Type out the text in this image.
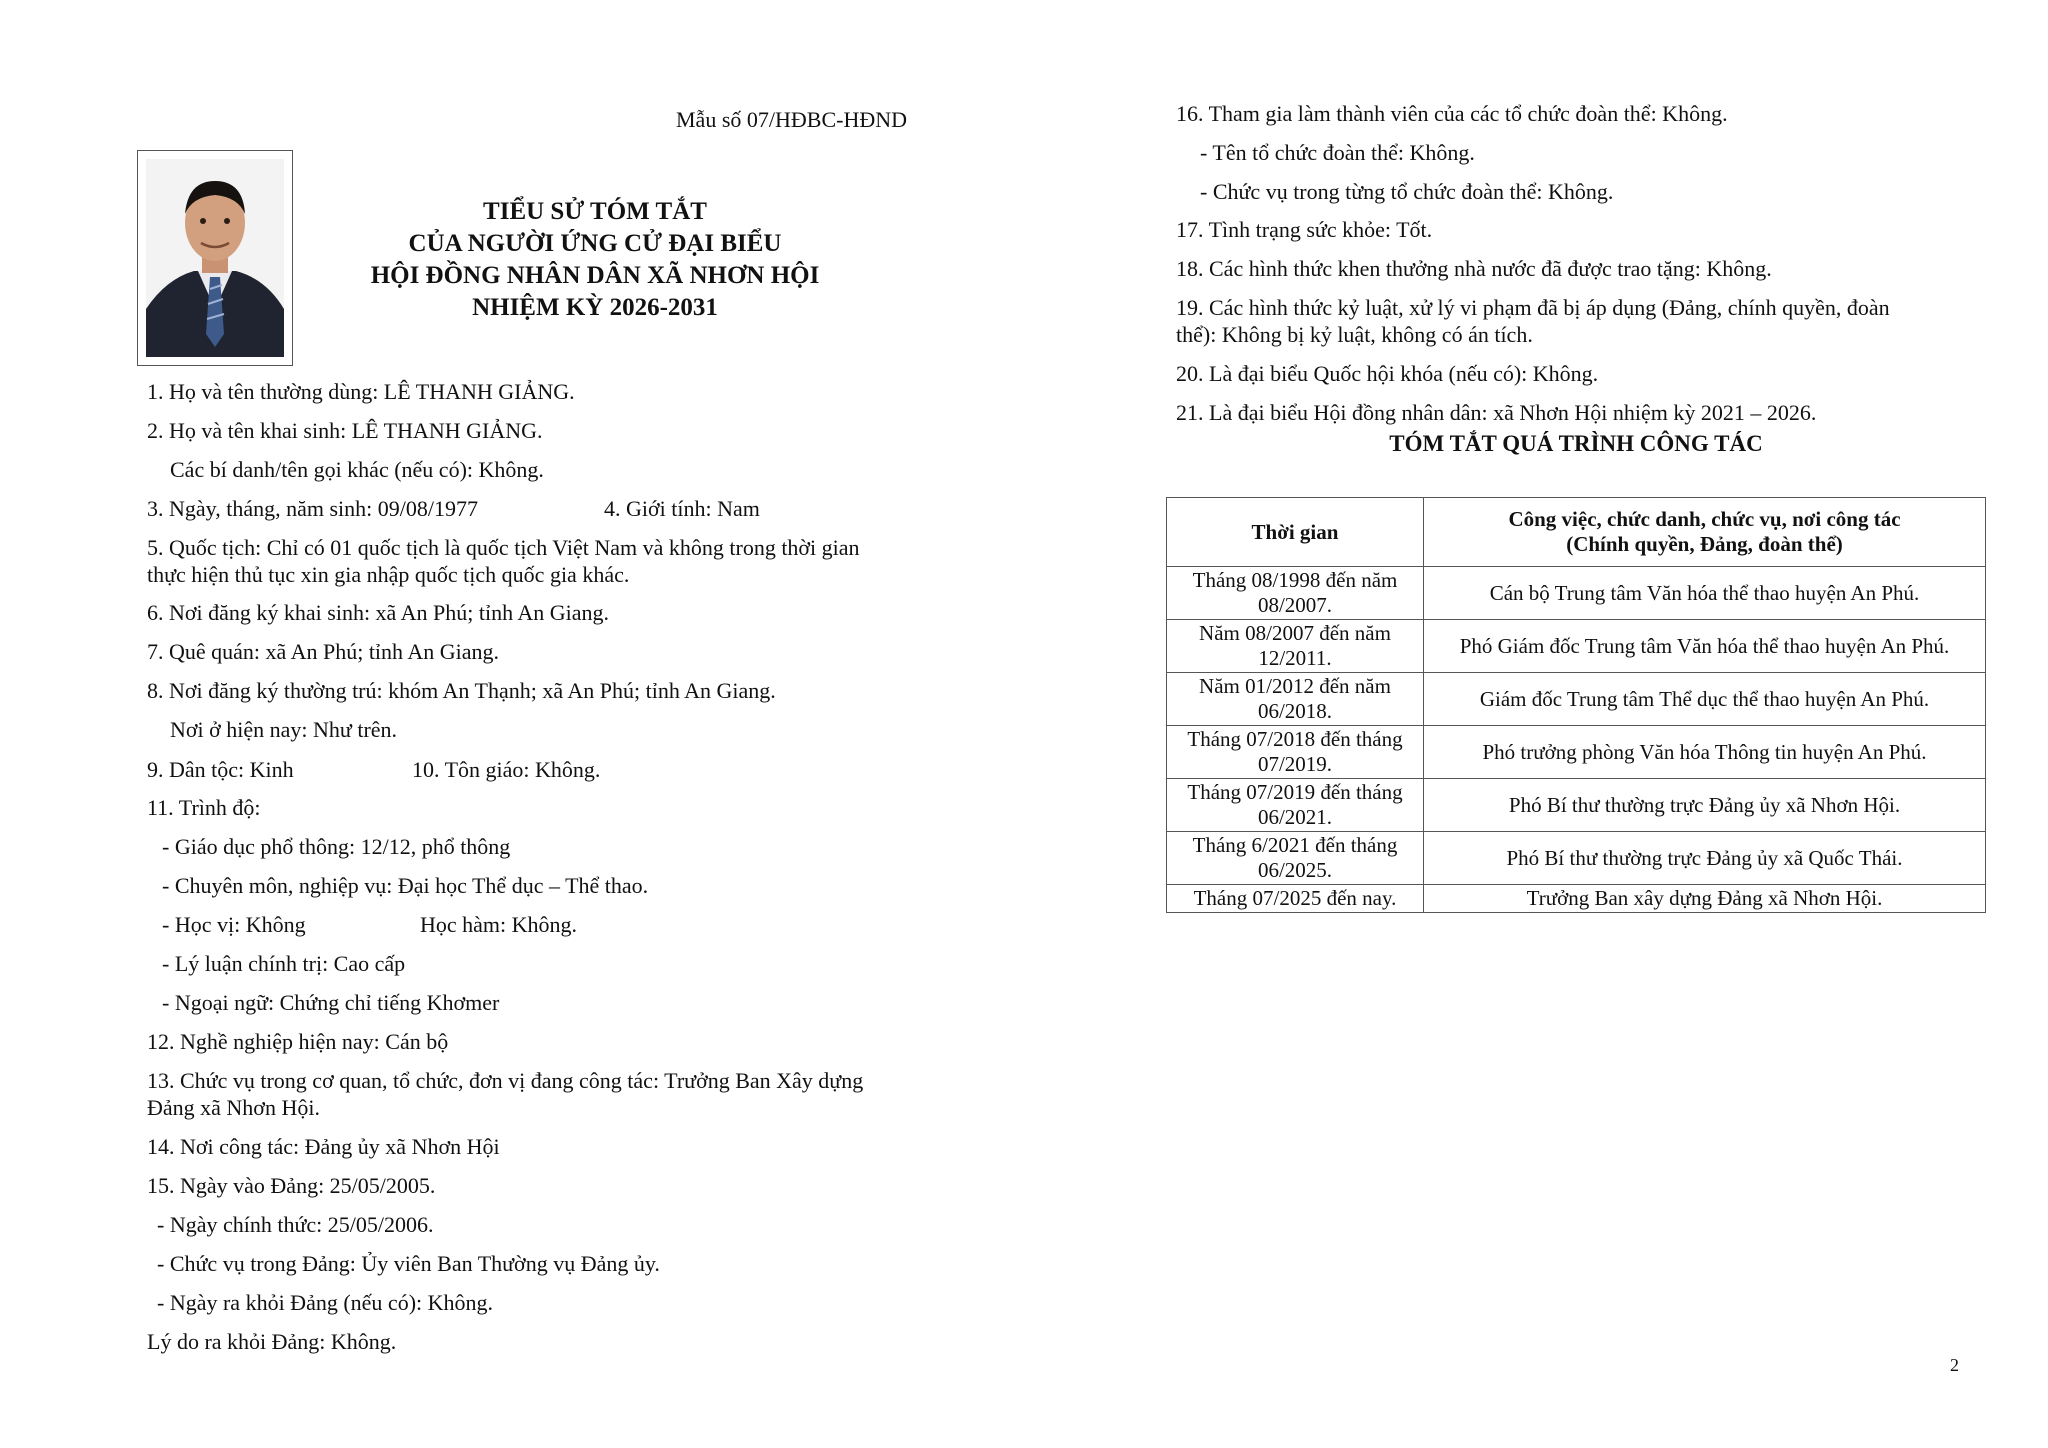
Mẫu số 07/HĐBC-HĐND
TIỂU SỬ TÓM TẮT
CỦA NGƯỜI ỨNG CỬ ĐẠI BIỂU
HỘI ĐỒNG NHÂN DÂN XÃ NHƠN HỘI
NHIỆM KỲ 2026-2031
1. Họ và tên thường dùng: LÊ THANH GIẢNG.
2. Họ và tên khai sinh: LÊ THANH GIẢNG.
Các bí danh/tên gọi khác (nếu có): Không.
3. Ngày, tháng, năm sinh: 09/08/1977	4. Giới tính: Nam
5. Quốc tịch: Chỉ có 01 quốc tịch là quốc tịch Việt Nam và không trong thời gian
thực hiện thủ tục xin gia nhập quốc tịch quốc gia khác.
6. Nơi đăng ký khai sinh: xã An Phú; tỉnh An Giang.
7. Quê quán: xã An Phú; tỉnh An Giang.
8. Nơi đăng ký thường trú: khóm An Thạnh; xã An Phú; tỉnh An Giang.
Nơi ở hiện nay: Như trên.
9. Dân tộc: Kinh	10. Tôn giáo: Không.
11. Trình độ:
- Giáo dục phổ thông: 12/12, phổ thông
- Chuyên môn, nghiệp vụ: Đại học Thể dục – Thể thao.
- Học vị: Không	Học hàm: Không.
- Lý luận chính trị: Cao cấp
- Ngoại ngữ: Chứng chỉ tiếng Khơmer
12. Nghề nghiệp hiện nay: Cán bộ
13. Chức vụ trong cơ quan, tổ chức, đơn vị đang công tác: Trưởng Ban Xây dựng
Đảng xã Nhơn Hội.
14. Nơi công tác: Đảng ủy xã Nhơn Hội
15. Ngày vào Đảng: 25/05/2005.
- Ngày chính thức: 25/05/2006.
- Chức vụ trong Đảng: Ủy viên Ban Thường vụ Đảng ủy.
- Ngày ra khỏi Đảng (nếu có): Không.
Lý do ra khỏi Đảng: Không.
16. Tham gia làm thành viên của các tổ chức đoàn thể: Không.
- Tên tổ chức đoàn thể: Không.
- Chức vụ trong từng tổ chức đoàn thể: Không.
17. Tình trạng sức khỏe: Tốt.
18. Các hình thức khen thưởng nhà nước đã được trao tặng: Không.
19. Các hình thức kỷ luật, xử lý vi phạm đã bị áp dụng (Đảng, chính quyền, đoàn
thể): Không bị kỷ luật, không có án tích.
20. Là đại biểu Quốc hội khóa (nếu có): Không.
21. Là đại biểu Hội đồng nhân dân: xã Nhơn Hội nhiệm kỳ 2021 – 2026.
TÓM TẮT QUÁ TRÌNH CÔNG TÁC
Thời gian	Công việc, chức danh, chức vụ, nơi công tác
(Chính quyền, Đảng, đoàn thể)

Tháng 08/1998 đến năm 08/2007.	Cán bộ Trung tâm Văn hóa thể thao huyện An Phú.
Năm 08/2007 đến năm 12/2011.	Phó Giám đốc Trung tâm Văn hóa thể thao huyện An Phú.
Năm 01/2012 đến năm 06/2018.	Giám đốc Trung tâm Thể dục thể thao huyện An Phú.
Tháng 07/2018 đến tháng 07/2019.	Phó trưởng phòng Văn hóa Thông tin huyện An Phú.
Tháng 07/2019 đến tháng 06/2021.	Phó Bí thư thường trực Đảng ủy xã Nhơn Hội.
Tháng 6/2021 đến tháng 06/2025.	Phó Bí thư thường trực Đảng ủy xã Quốc Thái.
Tháng 07/2025 đến nay.	Trưởng Ban xây dựng Đảng xã Nhơn Hội.
2
